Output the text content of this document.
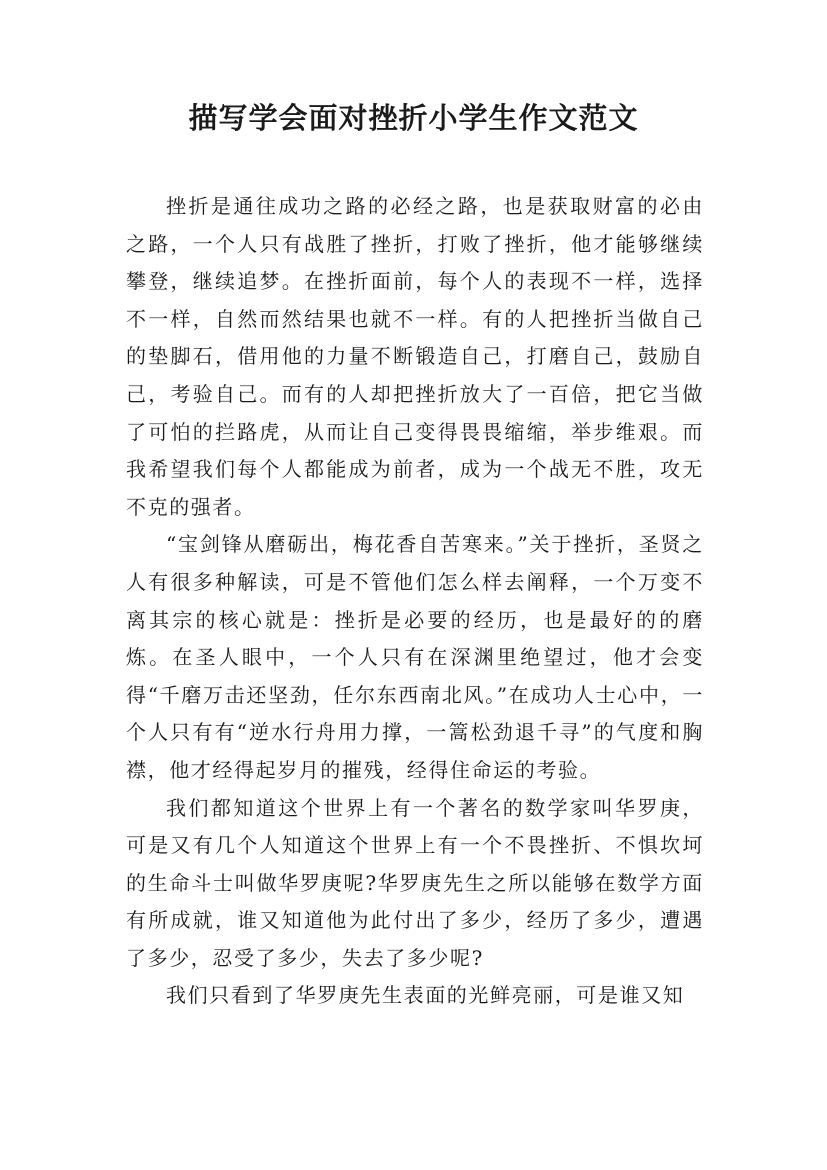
描写学会面对挫折小学生作文范文

挫折是通往成功之路的必经之路，也是获取财富的必由之路，一个人只有战胜了挫折，打败了挫折，他才能够继续攀登，继续追梦。在挫折面前，每个人的表现不一样，选择不一样，自然而然结果也就不一样。有的人把挫折当做自己的垫脚石，借用他的力量不断锻造自己，打磨自己，鼓励自己，考验自己。而有的人却把挫折放大了一百倍，把它当做了可怕的拦路虎，从而让自己变得畏畏缩缩，举步维艰。而我希望我们每个人都能成为前者，成为一个战无不胜，攻无不克的强者。

“宝剑锋从磨砺出，梅花香自苦寒来。”关于挫折，圣贤之人有很多种解读，可是不管他们怎么样去阐释，一个万变不离其宗的核心就是：挫折是必要的经历，也是最好的的磨炼。在圣人眼中，一个人只有在深渊里绝望过，他才会变得“千磨万击还坚劲，任尔东西南北风。”在成功人士心中，一个人只有有“逆水行舟用力撑，一篙松劲退千寻”的气度和胸襟，他才经得起岁月的摧残，经得住命运的考验。

我们都知道这个世界上有一个著名的数学家叫华罗庚，可是又有几个人知道这个世界上有一个不畏挫折、不惧坎坷的生命斗士叫做华罗庚呢?华罗庚先生之所以能够在数学方面有所成就，谁又知道他为此付出了多少，经历了多少，遭遇了多少，忍受了多少，失去了多少呢?

我们只看到了华罗庚先生表面的光鲜亮丽，可是谁又知
